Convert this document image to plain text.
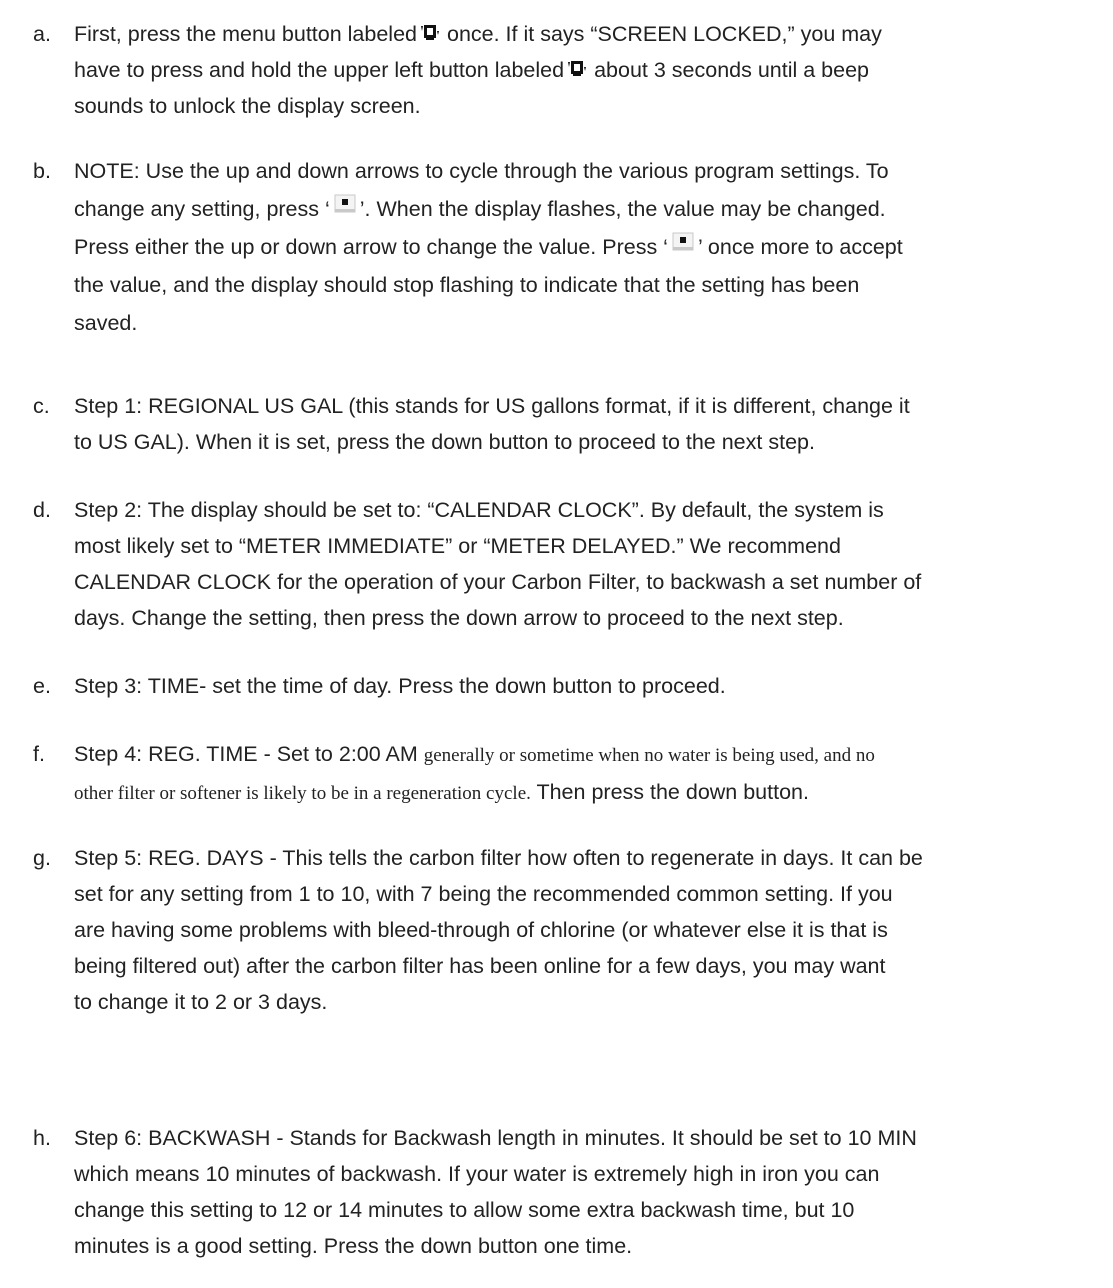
a. First, press the menu button labeled once. If it says “SCREEN LOCKED,” you may
have to press and hold the upper left button labeled about 3 seconds until a beep
sounds to unlock the display screen.
b. NOTE: Use the up and down arrows to cycle through the various program settings. To
change any setting, press ‘ ’. When the display flashes, the value may be changed.
Press either the up or down arrow to change the value. Press ‘ ’ once more to accept
the value, and the display should stop flashing to indicate that the setting has been
saved.
c. Step 1: REGIONAL US GAL (this stands for US gallons format, if it is different, change it
to US GAL). When it is set, press the down button to proceed to the next step.
d. Step 2: The display should be set to: “CALENDAR CLOCK”. By default, the system is
most likely set to “METER IMMEDIATE” or “METER DELAYED.” We recommend
CALENDAR CLOCK for the operation of your Carbon Filter, to backwash a set number of
days. Change the setting, then press the down arrow to proceed to the next step.
e. Step 3: TIME- set the time of day. Press the down button to proceed.
f. Step 4: REG. TIME - Set to 2:00 AM generally or sometime when no water is being used, and no
other filter or softener is likely to be in a regeneration cycle. Then press the down button.
g. Step 5: REG. DAYS - This tells the carbon filter how often to regenerate in days. It can be
set for any setting from 1 to 10, with 7 being the recommended common setting. If you
are having some problems with bleed-through of chlorine (or whatever else it is that is
being filtered out) after the carbon filter has been online for a few days, you may want
to change it to 2 or 3 days.
h. Step 6: BACKWASH - Stands for Backwash length in minutes. It should be set to 10 MIN
which means 10 minutes of backwash. If your water is extremely high in iron you can
change this setting to 12 or 14 minutes to allow some extra backwash time, but 10
minutes is a good setting. Press the down button one time.
